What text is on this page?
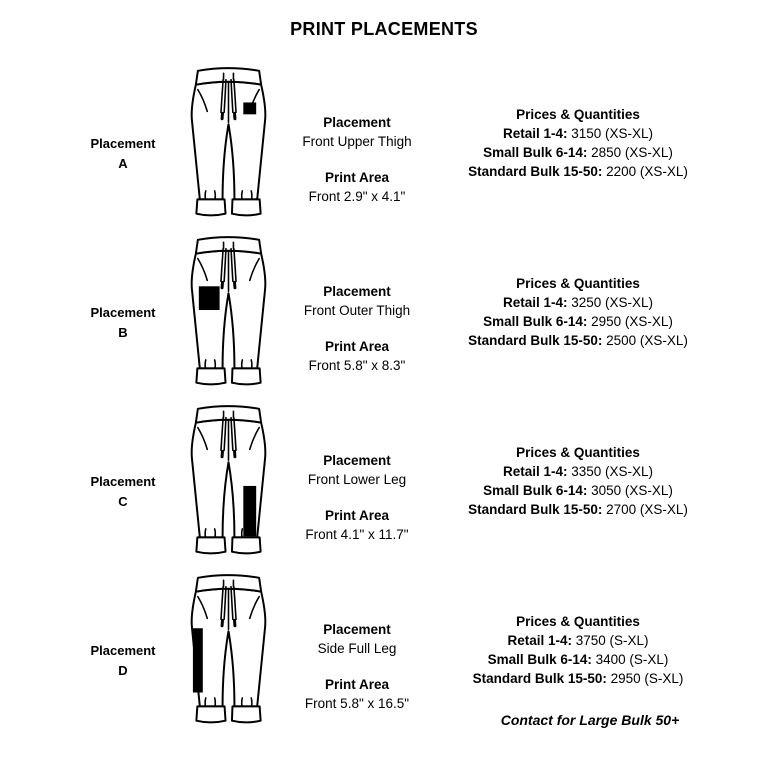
PRINT PLACEMENTS
Placement
A
Placement
Front Upper Thigh
Print Area
Front 2.9" x 4.1"
Prices & Quantities
Retail 1-4: 3150 (XS-XL)
Small Bulk 6-14: 2850 (XS-XL)
Standard Bulk 15-50: 2200 (XS-XL)
Placement
B
Placement
Front Outer Thigh
Print Area
Front 5.8" x 8.3"
Prices & Quantities
Retail 1-4: 3250 (XS-XL)
Small Bulk 6-14: 2950 (XS-XL)
Standard Bulk 15-50: 2500 (XS-XL)
Placement
C
Placement
Front Lower Leg
Print Area
Front 4.1" x 11.7"
Prices & Quantities
Retail 1-4: 3350 (XS-XL)
Small Bulk 6-14: 3050 (XS-XL)
Standard Bulk 15-50: 2700 (XS-XL)
Placement
D
Placement
Side Full Leg
Print Area
Front 5.8" x 16.5"
Prices & Quantities
Retail 1-4: 3750 (S-XL)
Small Bulk 6-14: 3400 (S-XL)
Standard Bulk 15-50: 2950 (S-XL)
Contact for Large Bulk 50+
